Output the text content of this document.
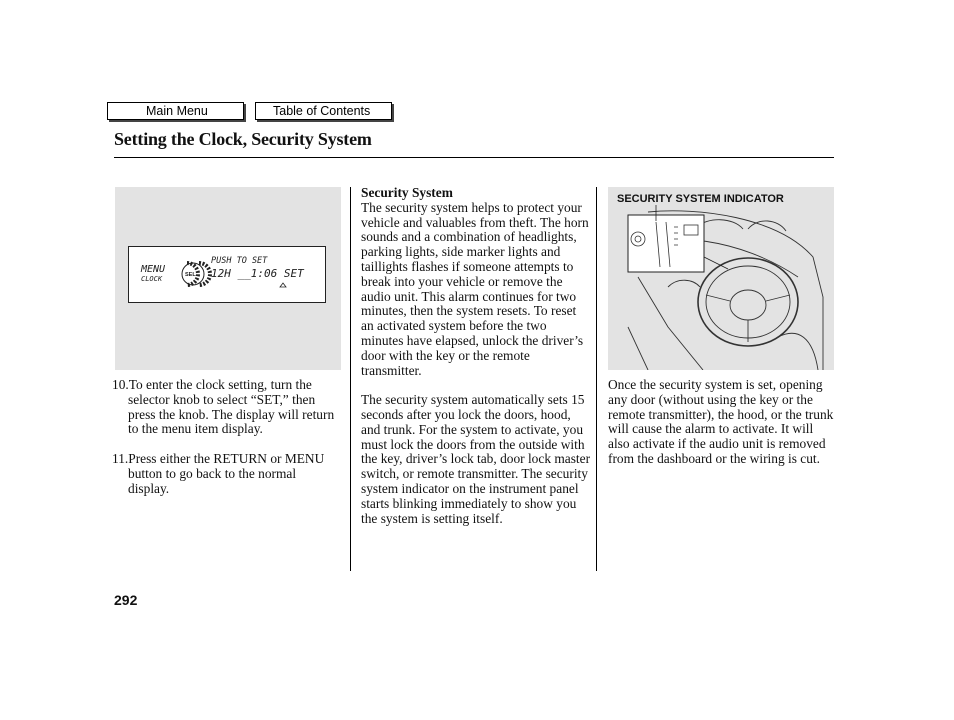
Main Menu	Table of Contents
Setting the Clock, Security System
MENU
CLOCK	SEL
PUSH TO SET
12H __1:06 SET

10.To enter the clock setting, turn the selector knob to select “SET,” then press the knob. The display will return to the menu item display.

11.Press either the RETURN or MENU button to go back to the normal display.

Security System

The security system helps to protect your vehicle and valuables from theft. The horn sounds and a combination of headlights, parking lights, side marker lights and taillights flashes if someone attempts to break into your vehicle or remove the audio unit. This alarm continues for two minutes, then the system resets. To reset an activated system before the two minutes have elapsed, unlock the driver’s door with the key or the remote transmitter.

The security system automatically sets 15 seconds after you lock the doors, hood, and trunk. For the system to activate, you must lock the doors from the outside with the key, driver’s lock tab, door lock master switch, or remote transmitter. The security system indicator on the instrument panel starts blinking immediately to show you the system is setting itself.

SECURITY SYSTEM INDICATOR

Once the security system is set, opening any door (without using the key or the remote transmitter), the hood, or the trunk will cause the alarm to activate. It will also activate if the audio unit is removed from the dashboard or the wiring is cut.

292
